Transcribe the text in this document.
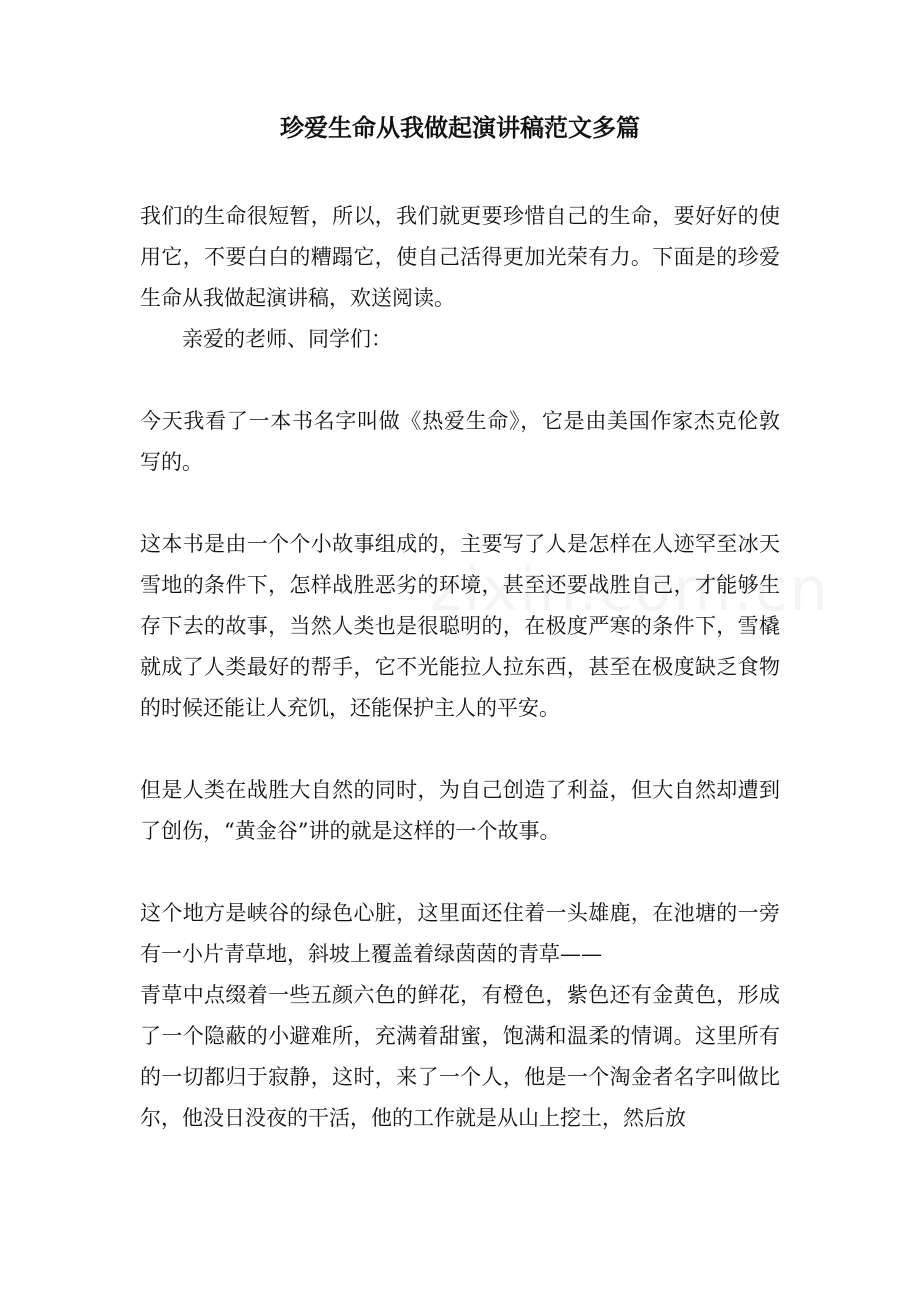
珍爱生命从我做起演讲稿范文多篇

我们的生命很短暂，所以，我们就更要珍惜自己的生命，要好好的使用它，不要白白的糟蹋它，使自己活得更加光荣有力。下面是的珍爱生命从我做起演讲稿，欢送阅读。

亲爱的老师、同学们：

今天我看了一本书名字叫做《热爱生命》，它是由美国作家杰克伦敦写的。

这本书是由一个个小故事组成的，主要写了人是怎样在人迹罕至冰天雪地的条件下，怎样战胜恶劣的环境，甚至还要战胜自己，才能够生存下去的故事，当然人类也是很聪明的，在极度严寒的条件下，雪橇就成了人类最好的帮手，它不光能拉人拉东西，甚至在极度缺乏食物的时候还能让人充饥，还能保护主人的平安。

但是人类在战胜大自然的同时，为自己创造了利益，但大自然却遭到了创伤，“黄金谷”讲的就是这样的一个故事。

这个地方是峡谷的绿色心脏，这里面还住着一头雄鹿，在池塘的一旁有一小片青草地，斜坡上覆盖着绿茵茵的青草——

青草中点缀着一些五颜六色的鲜花，有橙色，紫色还有金黄色，形成了一个隐蔽的小避难所，充满着甜蜜，饱满和温柔的情调。这里所有的一切都归于寂静，这时，来了一个人，他是一个淘金者名字叫做比尔，他没日没夜的干活，他的工作就是从山上挖土，然后放
